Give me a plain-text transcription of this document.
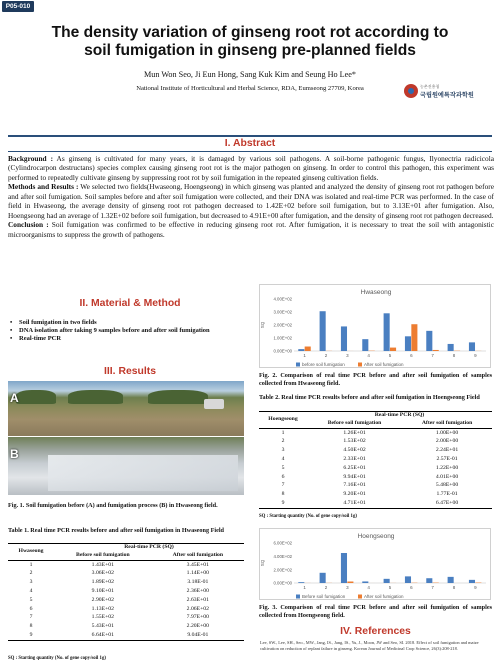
P05-010
The density variation of ginseng root rot according to
soil fumigation in ginseng pre-planned fields
Mun Won Seo, Ji Eun Hong, Sang Kuk Kim and Seung Ho Lee*
National Institute of Horticultural and Herbal Science, RDA, Eumseong 27709, Korea	농촌진흥청
국립원예특작과학원
I. Abstract

Background : As ginseng is cultivated for many years, it is damaged by various soil pathogens. A soil-borne pathogenic fungus, Ilyonectria radicicola (Cylindrocarpon destructans) species complex causing ginseng root rot is the major pathogen on ginseng. In order to control this pathogen, this experiment was performed to repeatedly cultivate ginseng by suppressing root rot by soil fumigation in the repeated ginseng cultivation fields.

Methods and Results : We selected two fields(Hwaseong, Hoengseong) in which ginseng was planted and analyzed the density of ginseng root rot pathogen before and after soil fumigation. Soil samples before and after soil fumigation were collected, and their DNA was isolated and real-time PCR was performed. In the case of field in Hwaseong, the average density of ginseng root rot pathogen decreased to 1.42E+02 before soil fumigation, but to 3.13E+01 after fumigation. Also, Hoengseong had an average of 1.32E+02 before soil fumigation, but decreased to 4.91E+00 after fumigation, and the density of ginseng root rot pathogen decreased.

Conclusion : Soil fumigation was confirmed to be effective in reducing ginseng root rot. After fumigation, it is necessary to treat the soil with antagonistic microorganisms to suppress the growth of pathogens.

II. Material & Method
• Soil fumigation in two fields
• DNA isolation after taking 9 samples before and after soil fumigation
• Real-time PCR
III. Results
A
B
Fig. 1. Soil fumigation before (A) and fumigation process (B) in Hwaseong field.
Table 1. Real time PCR results before and after soil fumigation in Hwaseong Field
Hwaseong	Real-time PCR (SQ)	
	Before soil fumigation	After soil fumigation
1	1.43E+01	3.45E+01
2	3.06E+02	1.14E+00
3	1.89E+02	3.18E-01
4	9.10E+01	2.36E+00
5	2.90E+02	2.63E+01
6	1.13E+02	2.06E+02
7	1.55E+02	7.97E+00
8	5.43E+01	2.20E+00
9	6.64E+01	9.04E-01
SQ : Starting quantity (No. of gene copy/soil 1g)
Hwaseong
SQ
0.00E+00
1.00E+02
2.00E+02
3.00E+02
4.00E+02
1	2	3	4	5	6	7	8	9
before soil fumigation	After soil fumigation
Fig. 2. Comparison of real time PCR before and after soil fumigation of samples collected from Hwaseong field.
Table 2. Real time PCR results before and after soil fumigation in Hoengseong Field
Hoengseong	Real-time PCR (SQ)	
	Before soil fumigation	After soil fumigation
1	1.26E+01	1.00E+00
2	1.53E+02	2.00E+00
3	4.50E+02	2.24E+01
4	2.33E+01	2.57E-01
5	6.25E+01	1.22E+00
6	9.94E+01	4.01E+00
7	7.16E+01	5.48E+00
8	9.20E+01	1.77E-01
9	4.71E+01	6.47E+00
SQ : Starting quantity (No. of gene copy/soil 1g)
Hoengseong
SQ
0.00E+00
2.00E+02
4.00E+02
6.00E+02
1	2	3	4	5	6	7	8	9
Before soil fumigation	After soil fumigation
Fig. 3. Comparison of real time PCR before and after soil fumigation of samples collected from Hoengseong field.
IV. References
Lee, SW., Lee, SH., Seo., MW., Jang, IS., Jang, IS., Yu, J., Moon, JW and Seo, SI. 2018. Effect of soil fumigation and maize cultivation on reduction of replant failure in ginseng. Korean Journal of Medicinal Crop Science, 26(3):208-218.
